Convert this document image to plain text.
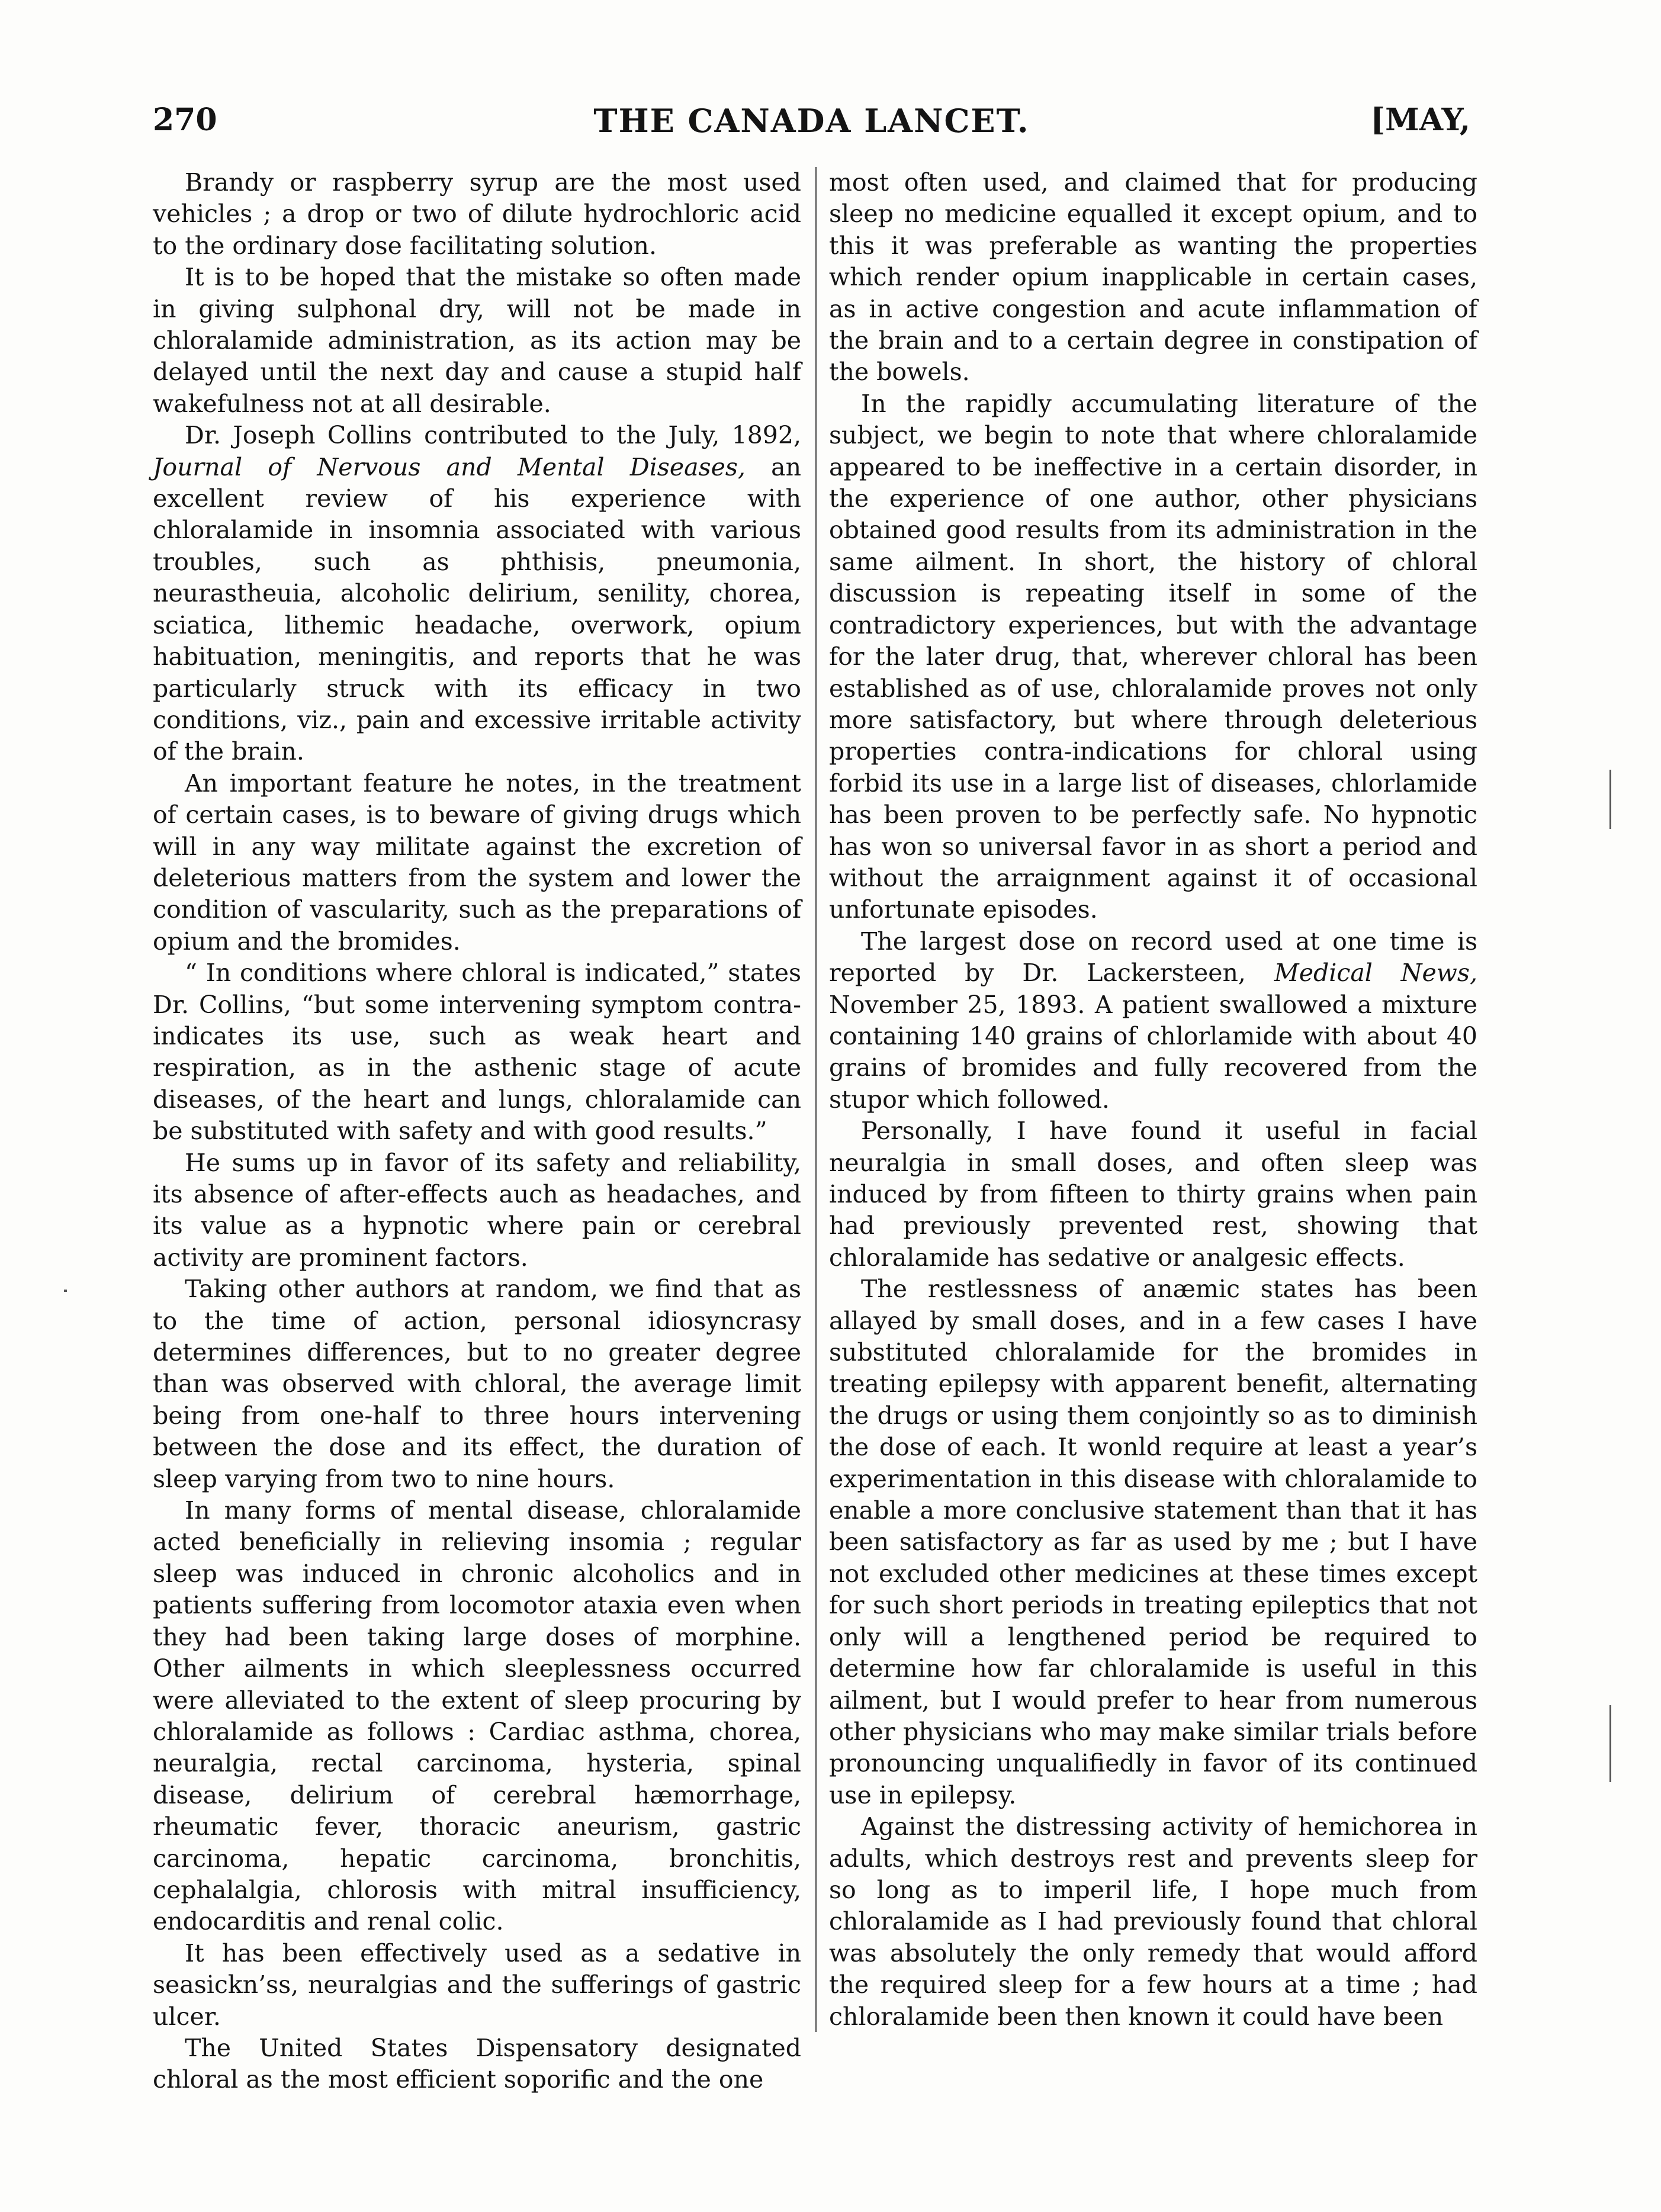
270	THE CANADA LANCET.	[MAY,

Brandy or raspberry syrup are the most used vehicles ; a drop or two of dilute hydrochloric acid to the ordinary dose facilitating solution.

It is to be hoped that the mistake so often made in giving sulphonal dry, will not be made in chloralamide administration, as its action may be delayed until the next day and cause a stupid half wakefulness not at all desirable.

Dr. Joseph Collins contributed to the July, 1892, Journal of Nervous and Mental Diseases, an excellent review of his experience with chloralamide in insomnia associated with various troubles, such as phthisis, pneumonia, neurastheuia, alcoholic delirium, senility, chorea, sciatica, lithemic headache, overwork, opium habituation, meningitis, and reports that he was particularly struck with its efficacy in two conditions, viz., pain and excessive irritable activity of the brain.

An important feature he notes, in the treatment of certain cases, is to beware of giving drugs which will in any way militate against the excretion of deleterious matters from the system and lower the condition of vascularity, such as the preparations of opium and the bromides.

“ In conditions where chloral is indicated,” states Dr. Collins, “but some intervening symptom contra-indicates its use, such as weak heart and respiration, as in the asthenic stage of acute diseases, of the heart and lungs, chloralamide can be substituted with safety and with good results.”

He sums up in favor of its safety and reliability, its absence of after-effects auch as headaches, and its value as a hypnotic where pain or cerebral activity are prominent factors.

Taking other authors at random, we find that as to the time of action, personal idiosyncrasy determines differences, but to no greater degree than was observed with chloral, the average limit being from one-half to three hours intervening between the dose and its effect, the duration of sleep varying from two to nine hours.

In many forms of mental disease, chloralamide acted beneficially in relieving insomia ; regular sleep was induced in chronic alcoholics and in patients suffering from locomotor ataxia even when they had been taking large doses of morphine. Other ailments in which sleeplessness occurred were alleviated to the extent of sleep procuring by chloralamide as follows : Cardiac asthma, chorea, neuralgia, rectal carcinoma, hysteria, spinal disease, delirium of cerebral hæmorrhage, rheumatic fever, thoracic aneurism, gastric carcinoma, hepatic carcinoma, bronchitis, cephalalgia, chlorosis with mitral insufficiency, endocarditis and renal colic.

It has been effectively used as a sedative in seasickn’ss, neuralgias and the sufferings of gastric ulcer.

The United States Dispensatory designated chloral as the most efficient soporific and the one

most often used, and claimed that for producing sleep no medicine equalled it except opium, and to this it was preferable as wanting the properties which render opium inapplicable in certain cases, as in active congestion and acute inflammation of the brain and to a certain degree in constipation of the bowels.

In the rapidly accumulating literature of the subject, we begin to note that where chloralamide appeared to be ineffective in a certain disorder, in the experience of one author, other physicians obtained good results from its administration in the same ailment. In short, the history of chloral discussion is repeating itself in some of the contradictory experiences, but with the advantage for the later drug, that, wherever chloral has been established as of use, chloralamide proves not only more satisfactory, but where through deleterious properties contra-indications for chloral using forbid its use in a large list of diseases, chlorlamide has been proven to be perfectly safe. No hypnotic has won so universal favor in as short a period and without the arraignment against it of occasional unfortunate episodes.

The largest dose on record used at one time is reported by Dr. Lackersteen, Medical News, November 25, 1893. A patient swallowed a mixture containing 140 grains of chlorlamide with about 40 grains of bromides and fully recovered from the stupor which followed.

Personally, I have found it useful in facial neuralgia in small doses, and often sleep was induced by from fifteen to thirty grains when pain had previously prevented rest, showing that chloralamide has sedative or analgesic effects.

The restlessness of anæmic states has been allayed by small doses, and in a few cases I have substituted chloralamide for the bromides in treating epilepsy with apparent benefit, alternating the drugs or using them conjointly so as to diminish the dose of each. It wonld require at least a year’s experimentation in this disease with chloralamide to enable a more conclusive statement than that it has been satisfactory as far as used by me ; but I have not excluded other medicines at these times except for such short periods in treating epileptics that not only will a lengthened period be required to determine how far chloralamide is useful in this ailment, but I would prefer to hear from numerous other physicians who may make similar trials before pronouncing unqualifiedly in favor of its continued use in epilepsy.

Against the distressing activity of hemichorea in adults, which destroys rest and prevents sleep for so long as to imperil life, I hope much from chloralamide as I had previously found that chloral was absolutely the only remedy that would afford the required sleep for a few hours at a time ; had chloralamide been then known it could have been
